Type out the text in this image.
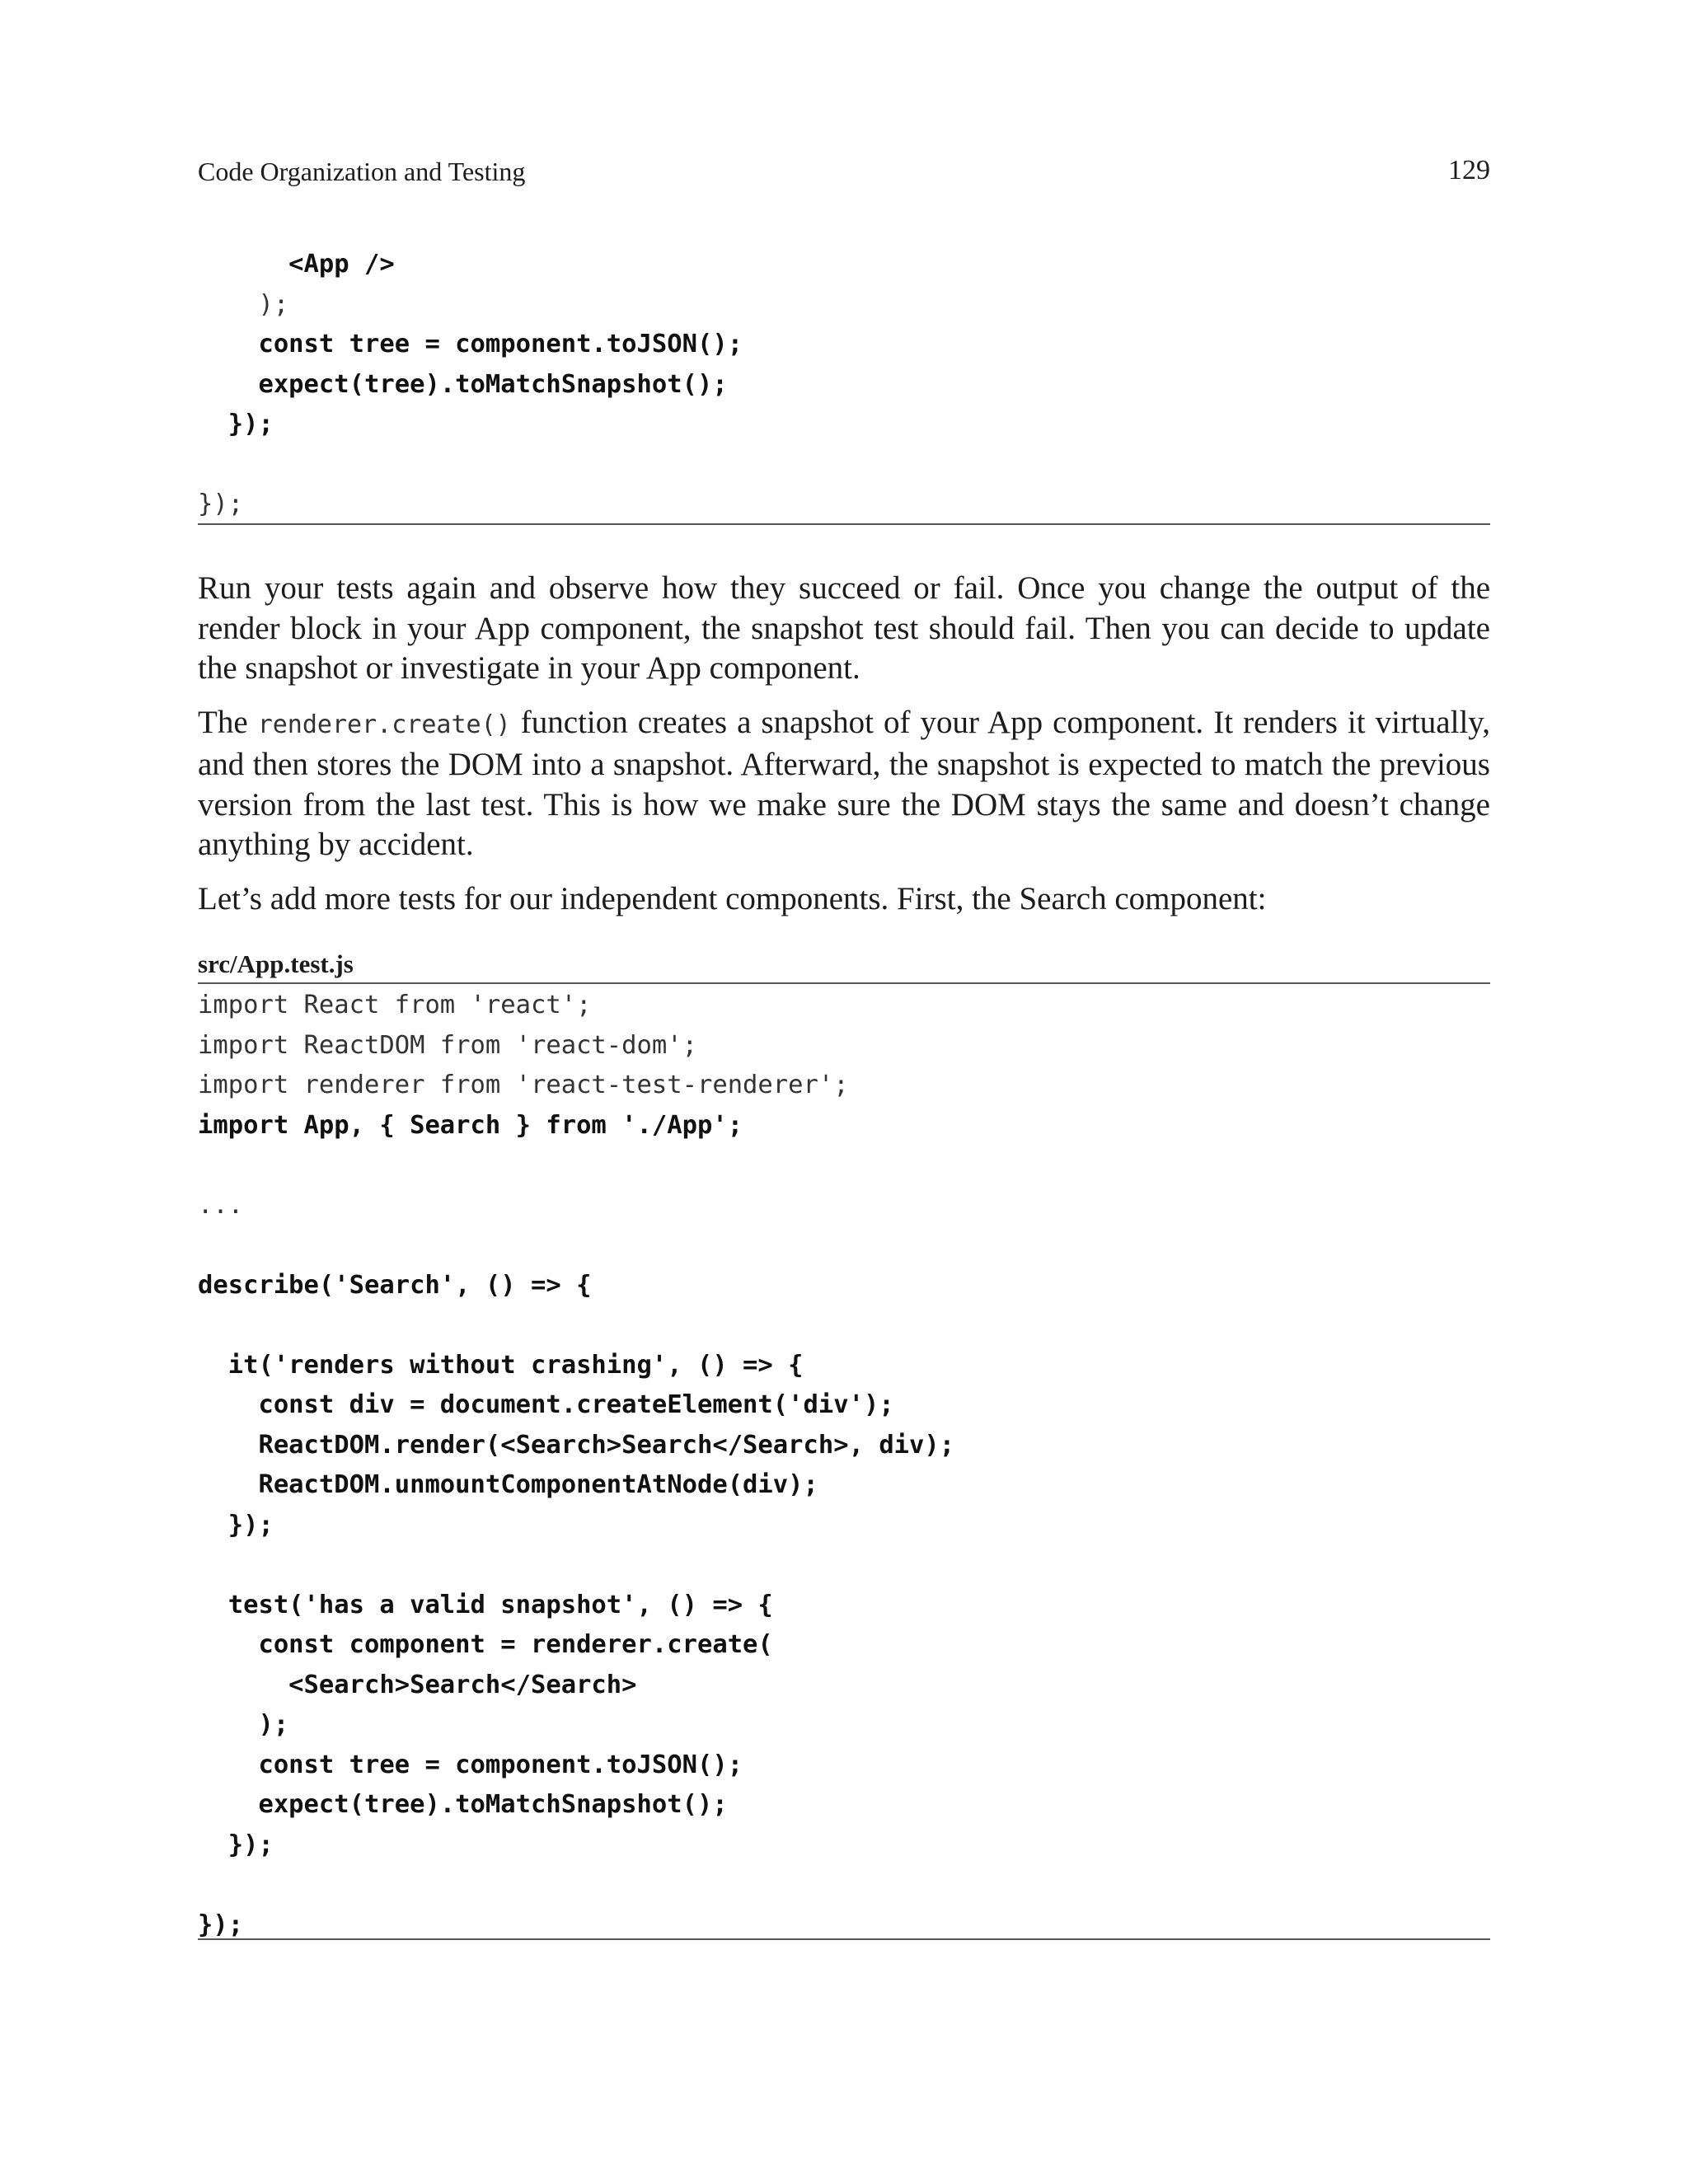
Code Organization and Testing	129
<App />
);
const tree = component.toJSON();
expect(tree).toMatchSnapshot();
});
});

Run your tests again and observe how they succeed or fail. Once you change the output of the render block in your App component, the snapshot test should fail. Then you can decide to update the snapshot or investigate in your App component.

The renderer.create() function creates a snapshot of your App component. It renders it virtually, and then stores the DOM into a snapshot. Afterward, the snapshot is expected to match the previous version from the last test. This is how we make sure the DOM stays the same and doesn’t change anything by accident.

Let’s add more tests for our independent components. First, the Search component:

src/App.test.js
import React from 'react';
import ReactDOM from 'react-dom';
import renderer from 'react-test-renderer';
import App, { Search } from './App';
...
describe('Search', () => {
it('renders without crashing', () => {
const div = document.createElement('div');
ReactDOM.render(<Search>Search</Search>, div);
ReactDOM.unmountComponentAtNode(div);
});
test('has a valid snapshot', () => {
const component = renderer.create(
<Search>Search</Search>
);
const tree = component.toJSON();
expect(tree).toMatchSnapshot();
});
});
